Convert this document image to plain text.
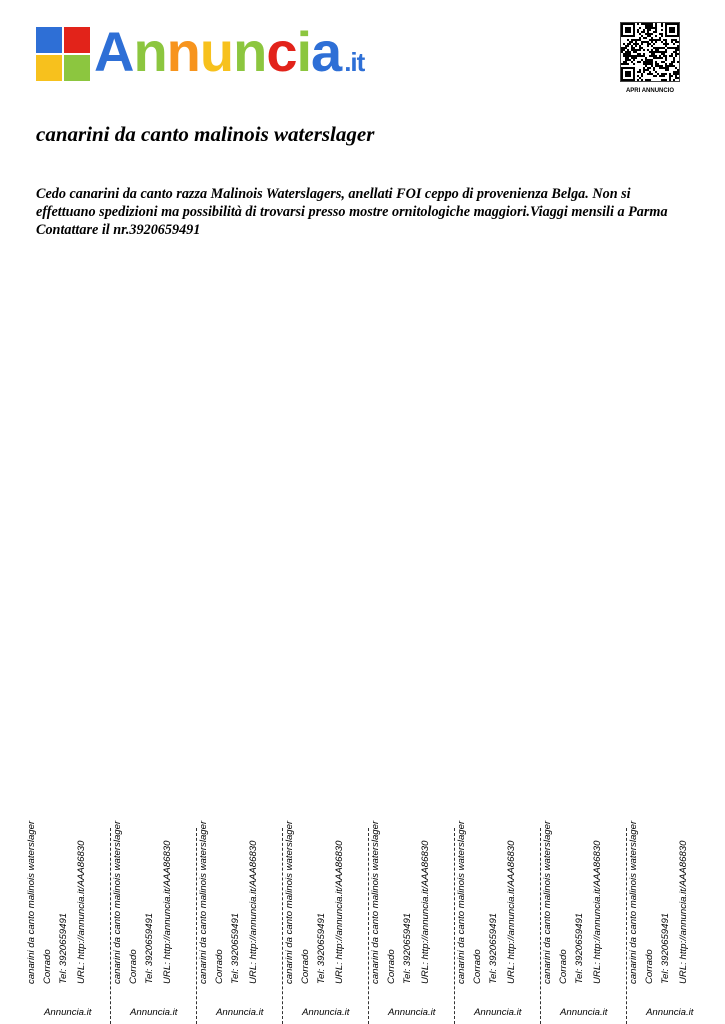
Annuncia .it
APRI ANNUNCIO
canarini da canto malinois waterslager

Cedo canarini da canto razza Malinois Waterslagers, anellati FOI ceppo di provenienza Belga. Non si
effettuano spedizioni ma possibilità di trovarsi presso mostre ornitologiche maggiori.Viaggi mensili a Parma
Contattare il nr.3920659491

canarini da canto malinois waterslager Corrado Tel: 3920659491 URL: http://annuncia.it/AAA86830
Annuncia.it
canarini da canto malinois waterslager Corrado Tel: 3920659491 URL: http://annuncia.it/AAA86830
Annuncia.it
canarini da canto malinois waterslager Corrado Tel: 3920659491 URL: http://annuncia.it/AAA86830
Annuncia.it
canarini da canto malinois waterslager Corrado Tel: 3920659491 URL: http://annuncia.it/AAA86830
Annuncia.it
canarini da canto malinois waterslager Corrado Tel: 3920659491 URL: http://annuncia.it/AAA86830
Annuncia.it
canarini da canto malinois waterslager Corrado Tel: 3920659491 URL: http://annuncia.it/AAA86830
Annuncia.it
canarini da canto malinois waterslager Corrado Tel: 3920659491 URL: http://annuncia.it/AAA86830
Annuncia.it
canarini da canto malinois waterslager Corrado Tel: 3920659491 URL: http://annuncia.it/AAA86830
Annuncia.it
